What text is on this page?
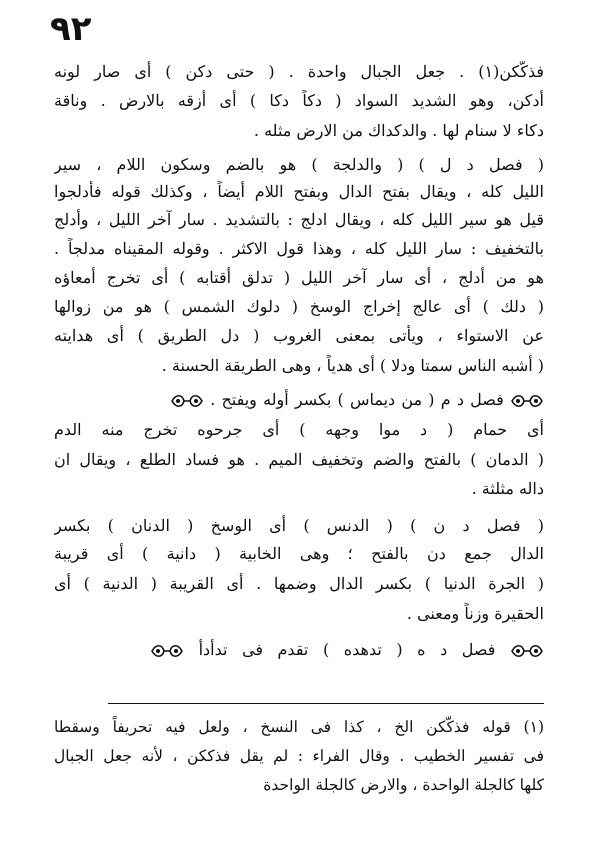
٩٢
فذكّكن(١) . جعل الجبال واحدة . ( حتى دكن ) أى صار لونه
أدكن، وهو الشديد السواد ( دكاً دكا ) أى أُزقه بالارض . وناقة
دكاء لا سنام لها . والدكداك من الارض مثله .
( فصل د ل ) ( والدلجة ) هو بالضم وسكون اللام ، سير
الليل كله ، ويقال بفتح الدال وبفتح اللام أيضاً ، وكذلك قوله فأدلجوا
قيل هو سير الليل كله ، ويقال ادلج : بالتشديد . سار آخر الليل ، وأدلج
بالتخفيف : سار الليل كله ، وهذا قول الاكثر . وقوله المقيناه مدلجاً .
هو من أدلج ، أى سار آخر الليل ( تدلق أقتابه ) أى تخرج أمعاؤه
( دلك ) أى عالج إخراج الوسخ ( دلوك الشمس ) هو من زوالها
عن الاستواء ، ويأتى بمعنى الغروب ( دل الطريق ) أى هدايته
( أشبه الناس سمتا ودلا ) أى هدياً ، وهى الطريقة الحسنة .
فصل د م ( من ديماس ) بكسر أوله ويفتح .
أى حمام ( د موا وجهه ) أى جرحوه تخرج منه الدم
( الدمان ) بالفتح والضم وتخفيف الميم . هو فساد الطلع ، ويقال ان
داله مثلثة .
( فصل د ن ) ( الدنس ) أى الوسخ ( الدنان ) بكسر
الدال جمع دن بالفتح ؛ وهى الخابية ( دانية ) أى قريبة
( الجرة الدنيا ) بكسر الدال وضمها . أى القريبة ( الدنية ) أى
الحقيرة وزناً ومعنى .
فصل د ه ( تدهده ) تقدم فى تدأدأ
(١) قوله فذكّكن الخ ، كذا فى النسخ ، ولعل فيه تحريفاً وسقطا
فى تفسير الخطيب . وقال الفراء : لم يقل فذككن ، لأنه جعل الجبال
كلها كالجلة الواحدة ، والارض كالجلة الواحدة
